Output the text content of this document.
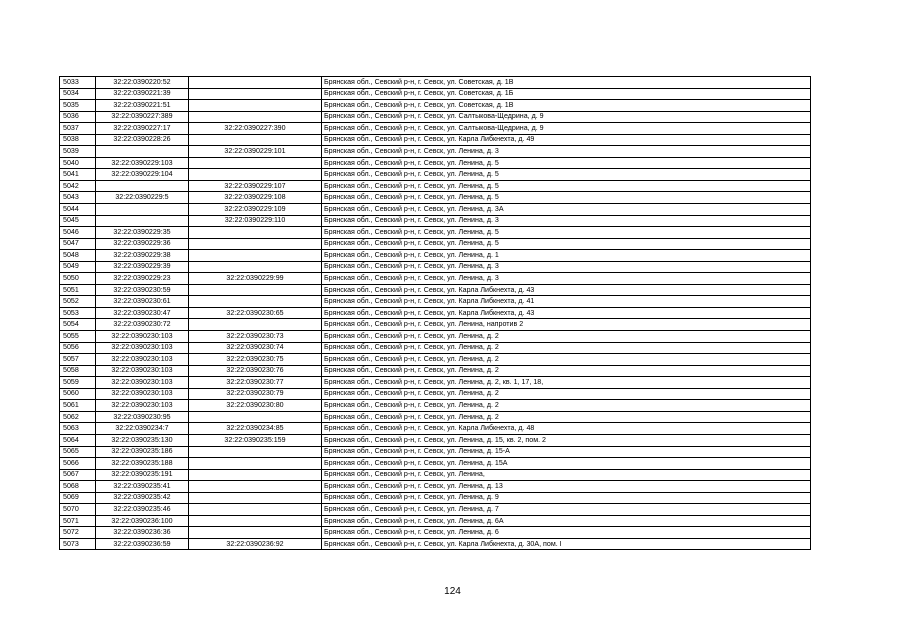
5033	32:22:0390220:52		Брянская обл., Севский р-н, г. Севск, ул. Советская, д. 1В
5034	32:22:0390221:39		Брянская обл., Севский р-н, г. Севск, ул. Советская, д. 1Б
5035	32:22:0390221:51		Брянская обл., Севский р-н, г. Севск, ул. Советская, д. 1В
5036	32:22:0390227:389		Брянская обл., Севский р-н, г. Севск, ул. Салтыкова-Щедрина, д. 9
5037	32:22:0390227:17	32:22:0390227:390	Брянская обл., Севский р-н, г. Севск, ул. Салтыкова-Щедрина, д. 9
5038	32:22:0390228:26		Брянская обл., Севский р-н, г. Севск, ул. Карла Либкнехта, д. 49
5039		32:22:0390229:101	Брянская обл., Севский р-н, г. Севск, ул. Ленина, д. 3
5040	32:22:0390229:103		Брянская обл., Севский р-н, г. Севск, ул. Ленина, д. 5
5041	32:22:0390229:104		Брянская обл., Севский р-н, г. Севск, ул. Ленина, д. 5
5042		32:22:0390229:107	Брянская обл., Севский р-н, г. Севск, ул. Ленина, д. 5
5043	32:22:0390229:5	32:22:0390229:108	Брянская обл., Севский р-н, г. Севск, ул. Ленина, д. 5
5044		32:22:0390229:109	Брянская обл., Севский р-н, г. Севск, ул. Ленина, д. 3А
5045		32:22:0390229:110	Брянская обл., Севский р-н, г. Севск, ул. Ленина, д. 3
5046	32:22:0390229:35		Брянская обл., Севский р-н, г. Севск, ул. Ленина, д. 5
5047	32:22:0390229:36		Брянская обл., Севский р-н, г. Севск, ул. Ленина, д. 5
5048	32:22:0390229:38		Брянская обл., Севский р-н, г. Севск, ул. Ленина, д. 1
5049	32:22:0390229:39		Брянская обл., Севский р-н, г. Севск, ул. Ленина, д. 3
5050	32:22:0390229:23	32:22:0390229:99	Брянская обл., Севский р-н, г. Севск, ул. Ленина, д. 3
5051	32:22:0390230:59		Брянская обл., Севский р-н, г. Севск, ул. Карла Либкнехта, д. 43
5052	32:22:0390230:61		Брянская обл., Севский р-н, г. Севск, ул. Карла Либкнехта, д. 41
5053	32:22:0390230:47	32:22:0390230:65	Брянская обл., Севский р-н, г. Севск, ул. Карла Либкнехта, д. 43
5054	32:22:0390230:72		Брянская обл., Севский р-н, г. Севск, ул. Ленина, напротив 2
5055	32:22:0390230:103	32:22:0390230:73	Брянская обл., Севский р-н, г. Севск, ул. Ленина, д. 2
5056	32:22:0390230:103	32:22:0390230:74	Брянская обл., Севский р-н, г. Севск, ул. Ленина, д. 2
5057	32:22:0390230:103	32:22:0390230:75	Брянская обл., Севский р-н, г. Севск, ул. Ленина, д. 2
5058	32:22:0390230:103	32:22:0390230:76	Брянская обл., Севский р-н, г. Севск, ул. Ленина, д. 2
5059	32:22:0390230:103	32:22:0390230:77	Брянская обл., Севский р-н, г. Севск, ул. Ленина, д. 2, кв. 1, 17, 18,
5060	32:22:0390230:103	32:22:0390230:79	Брянская обл., Севский р-н, г. Севск, ул. Ленина, д. 2
5061	32:22:0390230:103	32:22:0390230:80	Брянская обл., Севский р-н, г. Севск, ул. Ленина, д. 2
5062	32:22:0390230:95		Брянская обл., Севский р-н, г. Севск, ул. Ленина, д. 2
5063	32:22:0390234:7	32:22:0390234:85	Брянская обл., Севский р-н, г. Севск, ул. Карла Либкнехта, д. 48
5064	32:22:0390235:130	32:22:0390235:159	Брянская обл., Севский р-н, г. Севск, ул. Ленина, д. 15, кв. 2, пом. 2
5065	32:22:0390235:186		Брянская обл., Севский р-н, г. Севск, ул. Ленина, д. 15-А
5066	32:22:0390235:188		Брянская обл., Севский р-н, г. Севск, ул. Ленина, д. 15А
5067	32:22:0390235:191		Брянская обл., Севский р-н, г. Севск, ул. Ленина,
5068	32:22:0390235:41		Брянская обл., Севский р-н, г. Севск, ул. Ленина, д. 13
5069	32:22:0390235:42		Брянская обл., Севский р-н, г. Севск, ул. Ленина, д. 9
5070	32:22:0390235:46		Брянская обл., Севский р-н, г. Севск, ул. Ленина, д. 7
5071	32:22:0390236:100		Брянская обл., Севский р-н, г. Севск, ул. Ленина, д. 6А
5072	32:22:0390236:36		Брянская обл., Севский р-н, г. Севск, ул. Ленина, д. 6
5073	32:22:0390236:59	32:22:0390236:92	Брянская обл., Севский р-н, г. Севск, ул. Карла Либкнехта, д. 30А, пом. I
124
